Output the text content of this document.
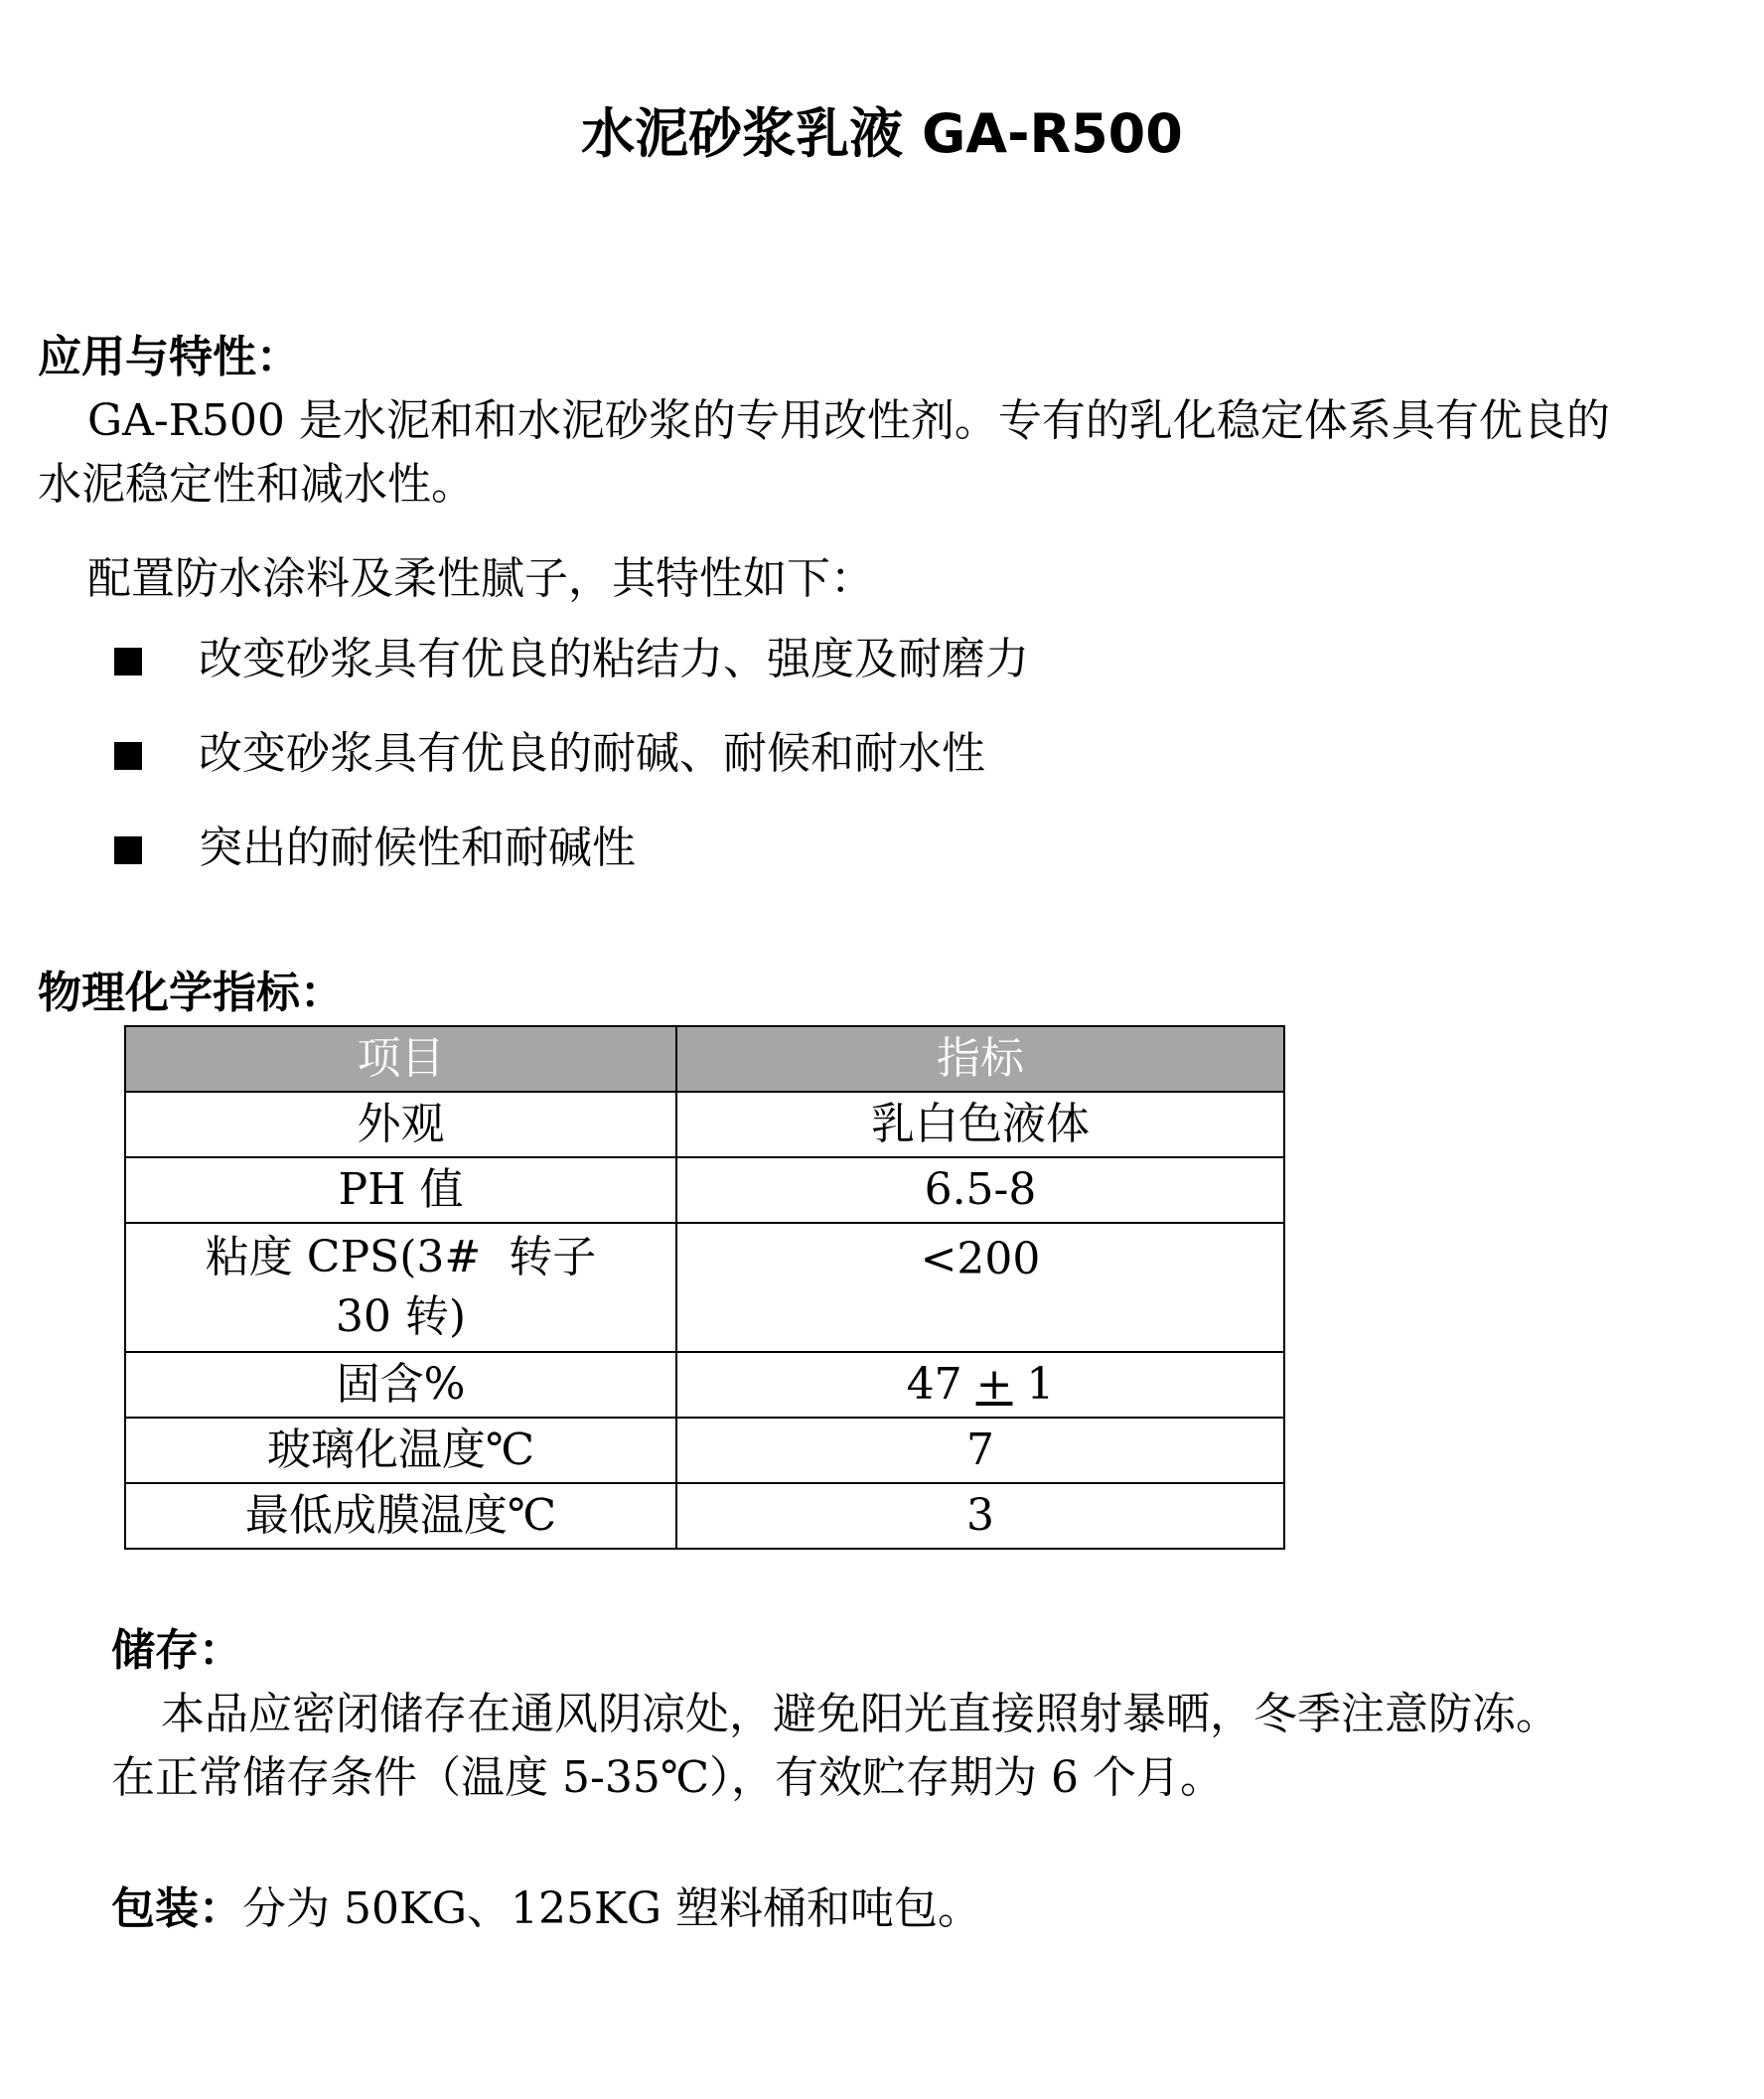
水泥砂浆乳液 GA-R500
应用与特性：
GA-R500 是水泥和和水泥砂浆的专用改性剂。专有的乳化稳定体系具有优良的
水泥稳定性和减水性。
配置防水涂料及柔性腻子，其特性如下：
改变砂浆具有优良的粘结力、强度及耐磨力
改变砂浆具有优良的耐碱、耐候和耐水性
突出的耐候性和耐碱性
物理化学指标：
项目	指标
外观	乳白色液体
PH 值	6.5-8
粘度 CPS(3#  转子  30 转)	<200
固含%	47 + 1
玻璃化温度℃	7
最低成膜温度℃	3
储存：
本品应密闭储存在通风阴凉处，避免阳光直接照射暴晒，冬季注意防冻。
在正常储存条件（温度 5-35℃），有效贮存期为 6 个月。
包装： 分为 50KG、125KG 塑料桶和吨包。
